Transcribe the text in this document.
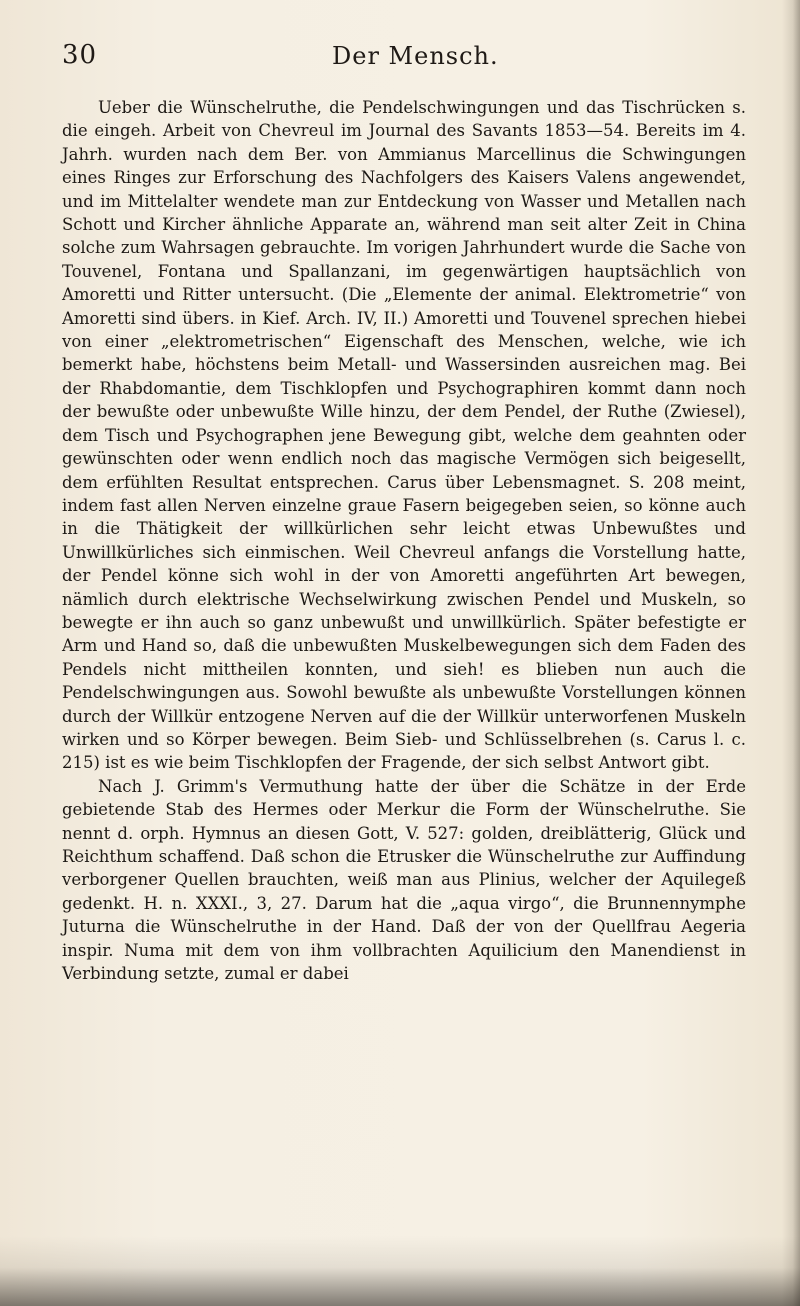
30	Der Mensch.

Ueber die Wünschelruthe, die Pendelschwingungen und das Tischrücken s. die eingeh. Arbeit von Chevreul im Journal des Savants 1853—54. Bereits im 4. Jahrh. wurden nach dem Ber. von Ammianus Marcellinus die Schwingungen eines Ringes zur Erforschung des Nachfolgers des Kaisers Valens angewendet, und im Mittelalter wendete man zur Entdeckung von Wasser und Metallen nach Schott und Kircher ähnliche Apparate an, während man seit alter Zeit in China solche zum Wahrsagen gebrauchte. Im vorigen Jahrhundert wurde die Sache von Touvenel, Fontana und Spallanzani, im gegenwärtigen hauptsächlich von Amoretti und Ritter untersucht. (Die „Elemente der animal. Elektrometrie“ von Amoretti sind übers. in Kief. Arch. IV, II.) Amoretti und Touvenel sprechen hiebei von einer „elektrometrischen“ Eigenschaft des Menschen, welche, wie ich bemerkt habe, höchstens beim Metall- und Wassersinden ausreichen mag. Bei der Rhabdomantie, dem Tischklopfen und Psychographiren kommt dann noch der bewußte oder unbewußte Wille hinzu, der dem Pendel, der Ruthe (Zwiesel), dem Tisch und Psychographen jene Bewegung gibt, welche dem geahnten oder gewünschten oder wenn endlich noch das magische Vermögen sich beigesellt, dem erfühlten Resultat entsprechen. Carus über Lebensmagnet. S. 208 meint, indem fast allen Nerven einzelne graue Fasern beigegeben seien, so könne auch in die Thätigkeit der willkürlichen sehr leicht etwas Unbewußtes und Unwillkürliches sich einmischen. Weil Chevreul anfangs die Vorstellung hatte, der Pendel könne sich wohl in der von Amoretti angeführten Art bewegen, nämlich durch elektrische Wechselwirkung zwischen Pendel und Muskeln, so bewegte er ihn auch so ganz unbewußt und unwillkürlich. Später befestigte er Arm und Hand so, daß die unbewußten Muskelbewegungen sich dem Faden des Pendels nicht mittheilen konnten, und sieh! es blieben nun auch die Pendelschwingungen aus. Sowohl bewußte als unbewußte Vorstellungen können durch der Willkür entzogene Nerven auf die der Willkür unterworfenen Muskeln wirken und so Körper bewegen. Beim Sieb- und Schlüsselbrehen (s. Carus l. c. 215) ist es wie beim Tischklopfen der Fragende, der sich selbst Antwort gibt.

Nach J. Grimm's Vermuthung hatte der über die Schätze in der Erde gebietende Stab des Hermes oder Merkur die Form der Wünschelruthe. Sie nennt d. orph. Hymnus an diesen Gott, V. 527: golden, dreiblätterig, Glück und Reichthum schaffend. Daß schon die Etrusker die Wünschelruthe zur Auffindung verborgener Quellen brauchten, weiß man aus Plinius, welcher der Aquilegeß gedenkt. H. n. XXXI., 3, 27. Darum hat die „aqua virgo“, die Brunnennymphe Juturna die Wünschelruthe in der Hand. Daß der von der Quellfrau Aegeria inspir. Numa mit dem von ihm vollbrachten Aquilicium den Manendienst in Verbindung setzte, zumal er dabei
